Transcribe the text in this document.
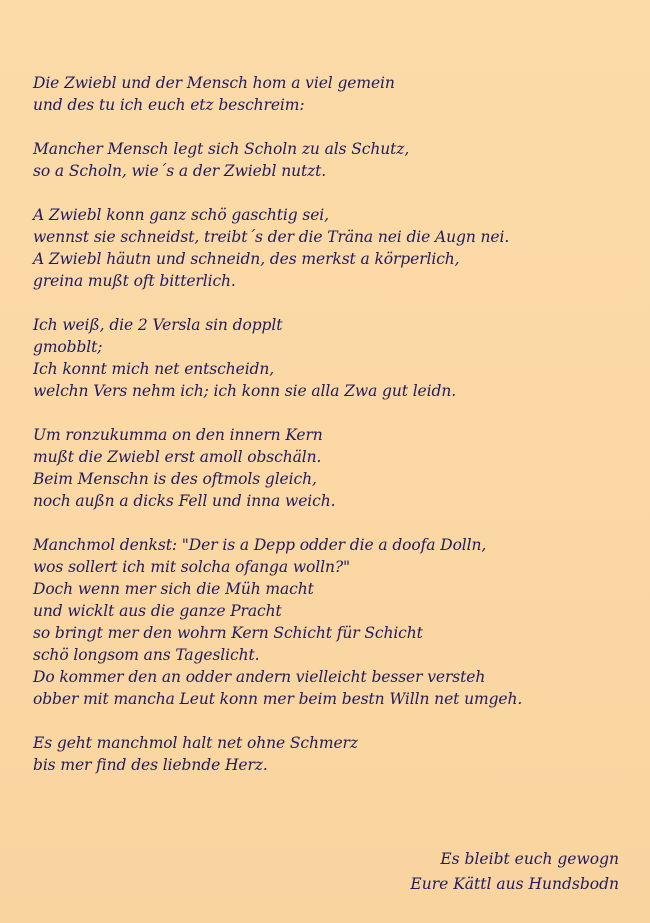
Die Zwiebl und der Mensch hom a viel gemein
und des tu ich euch etz beschreim:
Mancher Mensch legt sich Scholn zu als Schutz,
so a Scholn, wie´s a der Zwiebl nutzt.
A Zwiebl konn ganz schö gaschtig sei,
wennst sie schneidst, treibt´s der die Träna nei die Augn nei.
A Zwiebl häutn und schneidn, des merkst a körperlich,
greina mußt oft bitterlich.
Ich weiß, die 2 Versla sin dopplt
gmobblt;
Ich konnt mich net entscheidn,
welchn Vers nehm ich; ich konn sie alla Zwa gut leidn.
Um ronzukumma on den innern Kern
mußt die Zwiebl erst amoll obschäln.
Beim Menschn is des oftmols gleich,
noch außn a dicks Fell und inna weich.
Manchmol denkst: "Der is a Depp odder die a doofa Dolln,
wos sollert ich mit solcha ofanga wolln?"
Doch wenn mer sich die Müh macht
und wicklt aus die ganze Pracht
so bringt mer den wohrn Kern Schicht für Schicht
schö longsom ans Tageslicht.
Do kommer den an odder andern vielleicht besser versteh
obber mit mancha Leut konn mer beim bestn Willn net umgeh.
Es geht manchmol halt net ohne Schmerz
bis mer find des liebnde Herz.
Es bleibt euch gewogn
Eure Kättl aus Hundsbodn
